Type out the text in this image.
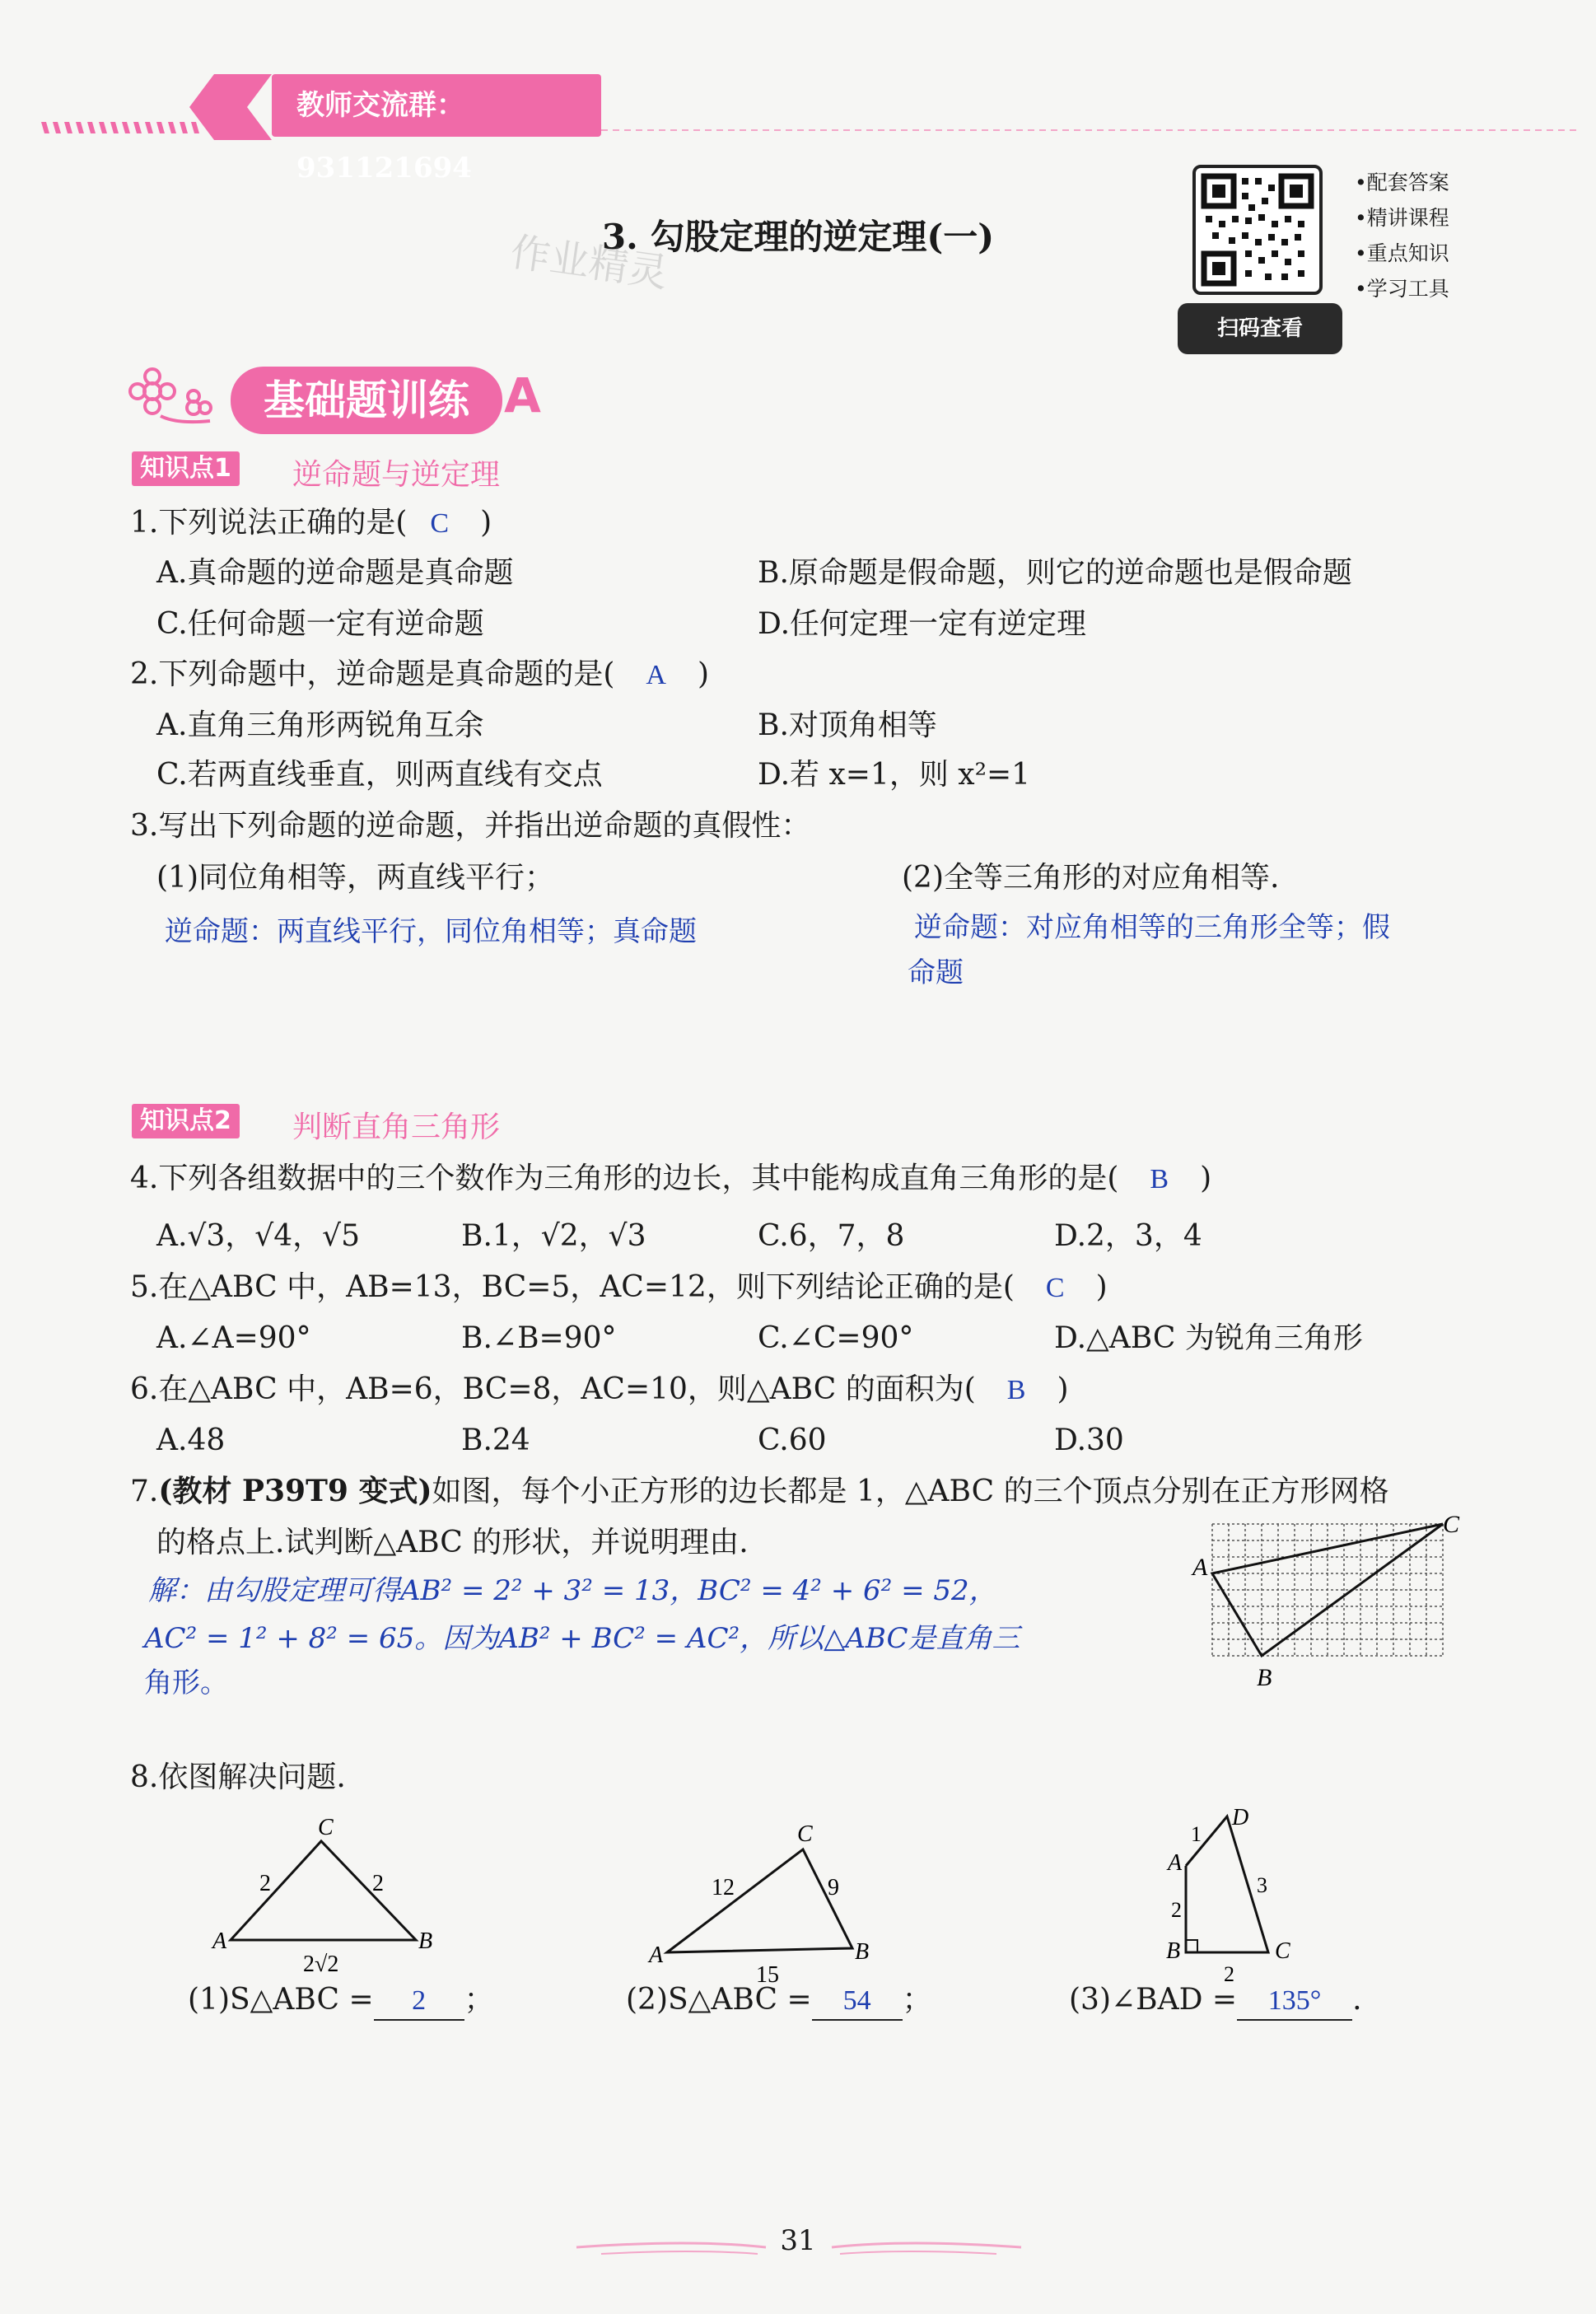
教师交流群：931121694
3. 勾股定理的逆定理(一)
作业精灵
扫码查看
•配套答案
•精讲课程
•重点知识
•学习工具
基础题训练 A
知识点1 逆命题与逆定理
1.下列说法正确的是( C )
A.真命题的逆命题是真命题	B.原命题是假命题，则它的逆命题也是假命题
C.任何命题一定有逆命题	D.任何定理一定有逆定理
2.下列命题中，逆命题是真命题的是( A )
A.直角三角形两锐角互余	B.对顶角相等
C.若两直线垂直，则两直线有交点	D.若 x=1，则 x²=1
3.写出下列命题的逆命题，并指出逆命题的真假性：
(1)同位角相等，两直线平行；	(2)全等三角形的对应角相等.
逆命题：两直线平行，同位角相等；真命题	逆命题：对应角相等的三角形全等；假
命题
知识点2 判断直角三角形
4.下列各组数据中的三个数作为三角形的边长，其中能构成直角三角形的是( B )
A.√3，√4，√5	B.1，√2，√3	C.6，7，8	D.2，3，4
5.在△ABC 中，AB=13，BC=5，AC=12，则下列结论正确的是( C )
A.∠A=90°	B.∠B=90°	C.∠C=90°	D.△ABC 为锐角三角形
6.在△ABC 中，AB=6，BC=8，AC=10，则△ABC 的面积为( B )
A.48	B.24	C.60	D.30
7.(教材 P39T9 变式)如图，每个小正方形的边长都是 1，△ABC 的三个顶点分别在正方形网格
的格点上.试判断△ABC 的形状，并说明理由.
解：由勾股定理可得AB² = 2² + 3² = 13，BC² = 4² + 6² = 52，
AC² = 1² + 8² = 65。因为AB² + BC² = AC²，所以△ABC是直角三
角形。
A
C
B
8.依图解决问题.
C
A	B
2	2
2√2
C
A	B
12	9
15
D
A
B	C
1
2
2
3
(1)S△ABC = 2 ；	(2)S△ABC = 54 ；	(3)∠BAD = 135° .
31
